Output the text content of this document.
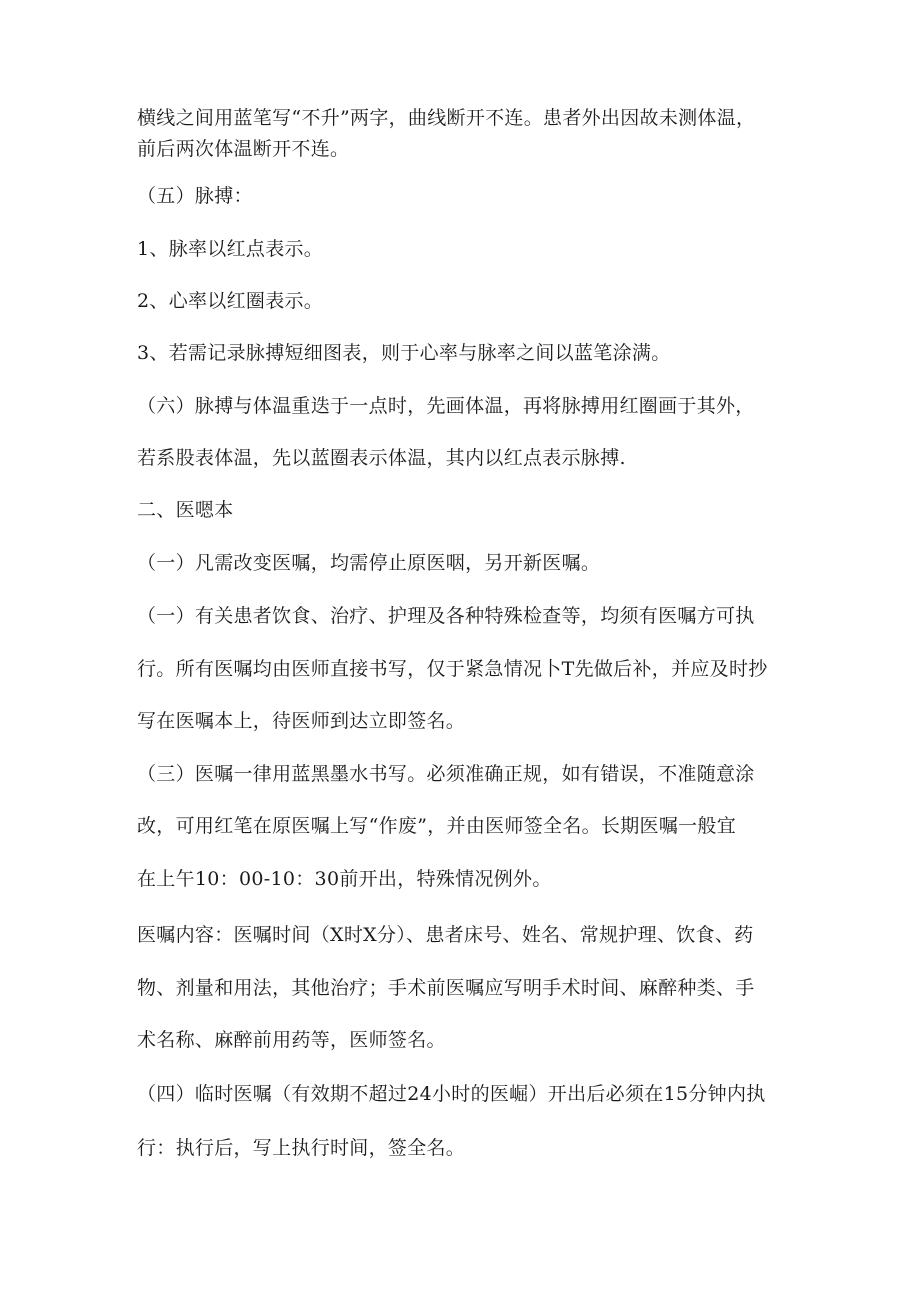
横线之间用蓝笔写“不升”两字，曲线断开不连。患者外出因故未测体温，
前后两次体温断开不连。
（五）脉搏：
1、脉率以红点表示。
2、心率以红圈表示。
3、若需记录脉搏短细图表，则于心率与脉率之间以蓝笔涂满。
（六）脉搏与体温重迭于一点时，先画体温，再将脉搏用红圈画于其外，
若系股表体温，先以蓝圈表示体温，其内以红点表示脉搏.
二、医嗯本
（一）凡需改变医嘱，均需停止原医咽，另开新医嘱。
（一）有关患者饮食、治疗、护理及各种特殊检查等，均须有医嘱方可执
行。所有医嘱均由医师直接书写，仅于紧急情况卜T先做后补，并应及时抄
写在医嘱本上，待医师到达立即签名。
（三）医嘱一律用蓝黑墨水书写。必须准确正规，如有错误，不准随意涂
改，可用红笔在原医嘱上写“作废”，并由医师签全名。长期医嘱一般宜
在上午10：00-10：30前开出，特殊情况例外。
医嘱内容：医嘱时间（X时X分）、患者床号、姓名、常规护理、饮食、药
物、剂量和用法，其他治疗；手术前医嘱应写明手术时间、麻醉种类、手
术名称、麻醉前用药等，医师签名。
（四）临时医嘱（有效期不超过24小时的医崛）开出后必须在15分钟内执
行：执行后，写上执行时间，签全名。
